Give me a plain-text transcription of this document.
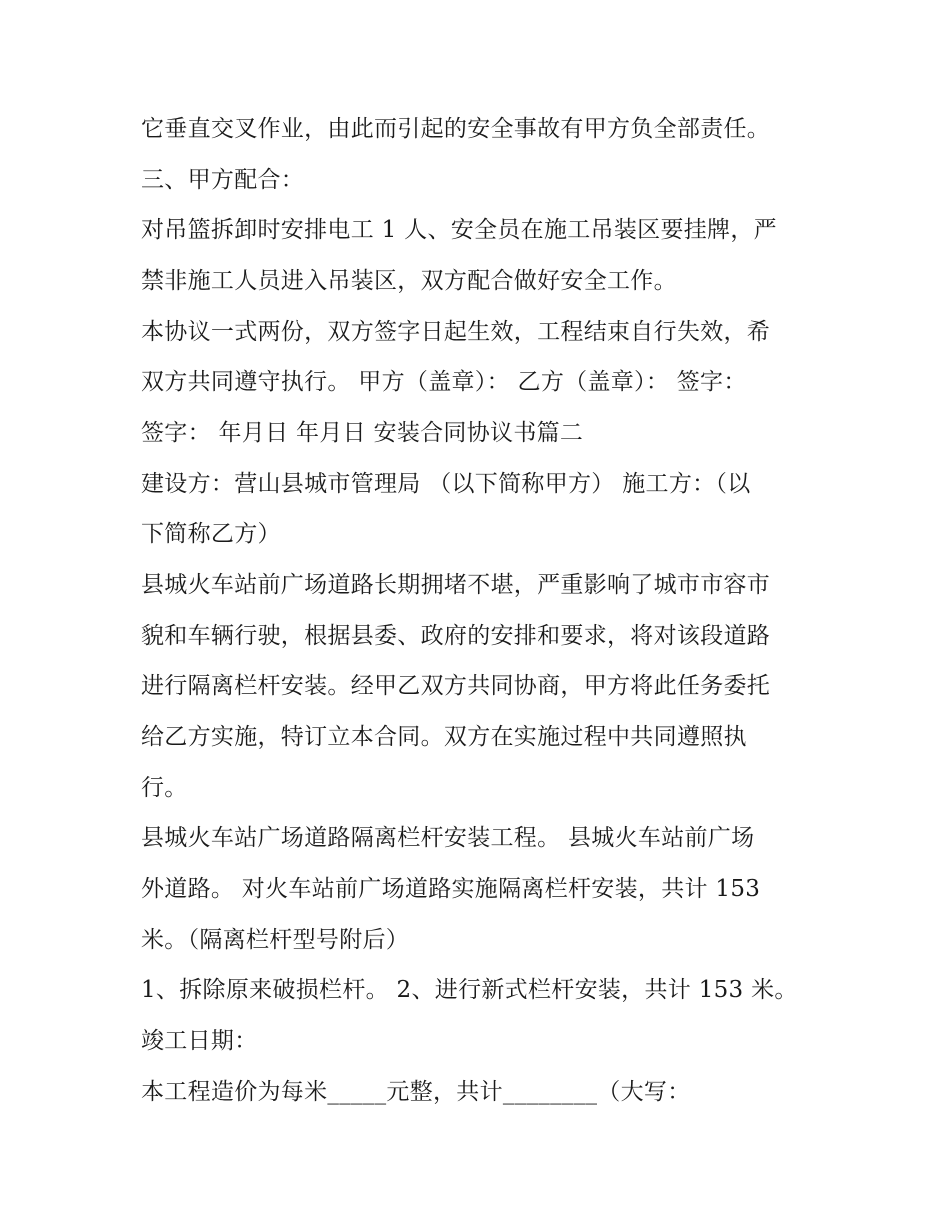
它垂直交叉作业，由此而引起的安全事故有甲方负全部责任。
三、甲方配合：
对吊篮拆卸时安排电工 1 人、安全员在施工吊装区要挂牌，严
禁非施工人员进入吊装区，双方配合做好安全工作。
本协议一式两份，双方签字日起生效，工程结束自行失效，希
双方共同遵守执行。 甲方（盖章）： 乙方（盖章）： 签字：
签字： 年月日 年月日 安装合同协议书篇二
建设方：营山县城市管理局 （以下简称甲方） 施工方：（以
下简称乙方）
县城火车站前广场道路长期拥堵不堪，严重影响了城市市容市
貌和车辆行驶，根据县委、政府的安排和要求，将对该段道路
进行隔离栏杆安装。经甲乙双方共同协商，甲方将此任务委托
给乙方实施，特订立本合同。双方在实施过程中共同遵照执
行。
县城火车站广场道路隔离栏杆安装工程。 县城火车站前广场
外道路。 对火车站前广场道路实施隔离栏杆安装，共计 153
米。（隔离栏杆型号附后）
1、拆除原来破损栏杆。 2、进行新式栏杆安装，共计 153 米。
竣工日期：
本工程造价为每米_____元整，共计________（大写：
